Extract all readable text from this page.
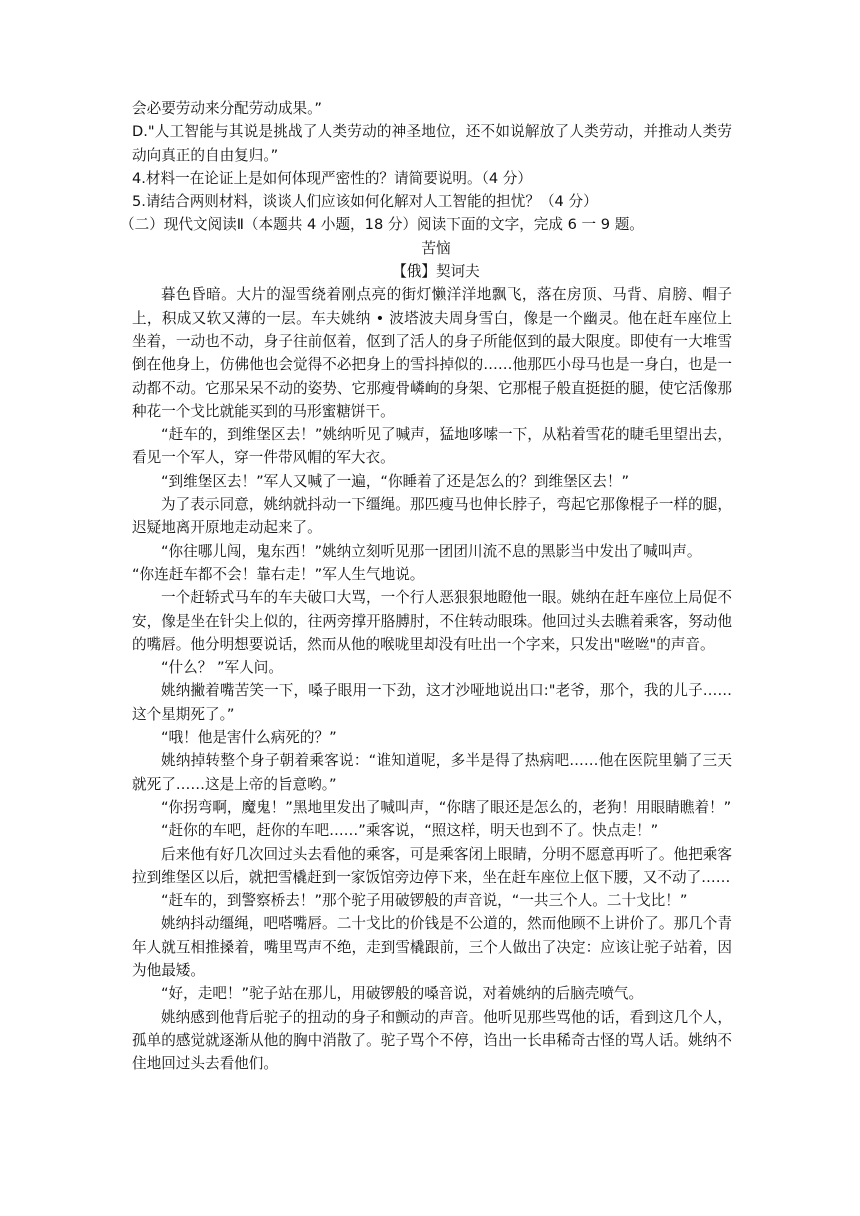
会必要劳动来分配劳动成果。”

D."人工智能与其说是挑战了人类劳动的神圣地位，还不如说解放了人类劳动，并推动人类劳动向真正的自由复归。”

4.材料一在论证上是如何体现严密性的？请简要说明。（4 分）

5.请结合两则材料，谈谈人们应该如何化解对人工智能的担忧？（4 分）

（二）现代文阅读Ⅱ（本题共 4 小题，18 分）阅读下面的文字，完成 6 一 9 题。

苦恼

【俄】契诃夫

暮色昏暗。大片的湿雪绕着刚点亮的街灯懒洋洋地飘飞，落在房顶、马背、肩膀、帽子上，积成又软又薄的一层。车夫姚纳 • 波塔波夫周身雪白，像是一个幽灵。他在赶车座位上坐着，一动也不动，身子往前伛着，伛到了活人的身子所能伛到的最大限度。即使有一大堆雪倒在他身上，仿佛他也会觉得不必把身上的雪抖掉似的……他那匹小母马也是一身白，也是一动都不动。它那呆呆不动的姿势、它那瘦骨嶙峋的身架、它那棍子般直挺挺的腿，使它活像那种花一个戈比就能买到的马形蜜糖饼干。

“赶车的，到维堡区去！”姚纳听见了喊声，猛地哆嗦一下，从粘着雪花的睫毛里望出去，看见一个军人，穿一件带风帽的军大衣。

“到维堡区去！”军人又喊了一遍，“你睡着了还是怎么的？到维堡区去！”

为了表示同意，姚纳就抖动一下缰绳。那匹瘦马也伸长脖子，弯起它那像棍子一样的腿，迟疑地离开原地走动起来了。

“你往哪儿闯，鬼东西！”姚纳立刻听见那一团团川流不息的黑影当中发出了喊叫声。

“你连赶车都不会！靠右走！”军人生气地说。

一个赶轿式马车的车夫破口大骂，一个行人恶狠狠地瞪他一眼。姚纳在赶车座位上局促不安，像是坐在针尖上似的，往两旁撑开胳膊肘，不住转动眼珠。他回过头去瞧着乘客，努动他的嘴唇。他分明想要说话，然而从他的喉咙里却没有吐出一个字来，只发出"咝咝"的声音。

“什么？ ”军人问。

姚纳撇着嘴苦笑一下，嗓子眼用一下劲，这才沙哑地说出口:"老爷，那个，我的儿子……这个星期死了。”

“哦！他是害什么病死的？”

姚纳掉转整个身子朝着乘客说：“谁知道呢，多半是得了热病吧……他在医院里躺了三天就死了……这是上帝的旨意哟。”

“你拐弯啊，魔鬼！”黑地里发出了喊叫声，“你瞎了眼还是怎么的，老狗！用眼睛瞧着！”

“赶你的车吧，赶你的车吧……”乘客说，“照这样，明天也到不了。快点走！”

后来他有好几次回过头去看他的乘客，可是乘客闭上眼睛，分明不愿意再听了。他把乘客拉到维堡区以后，就把雪橇赶到一家饭馆旁边停下来，坐在赶车座位上伛下腰，又不动了……

“赶车的，到警察桥去！”那个驼子用破锣般的声音说，“一共三个人。二十戈比！”

姚纳抖动缰绳，吧嗒嘴唇。二十戈比的价钱是不公道的，然而他顾不上讲价了。那几个青年人就互相推搡着，嘴里骂声不绝，走到雪橇跟前，三个人做出了决定：应该让驼子站着，因为他最矮。

“好，走吧！”驼子站在那儿，用破锣般的嗓音说，对着姚纳的后脑壳喷气。

姚纳感到他背后驼子的扭动的身子和颤动的声音。他听见那些骂他的话，看到这几个人，孤单的感觉就逐渐从他的胸中消散了。驼子骂个不停，诌出一长串稀奇古怪的骂人话。姚纳不住地回过头去看他们。
